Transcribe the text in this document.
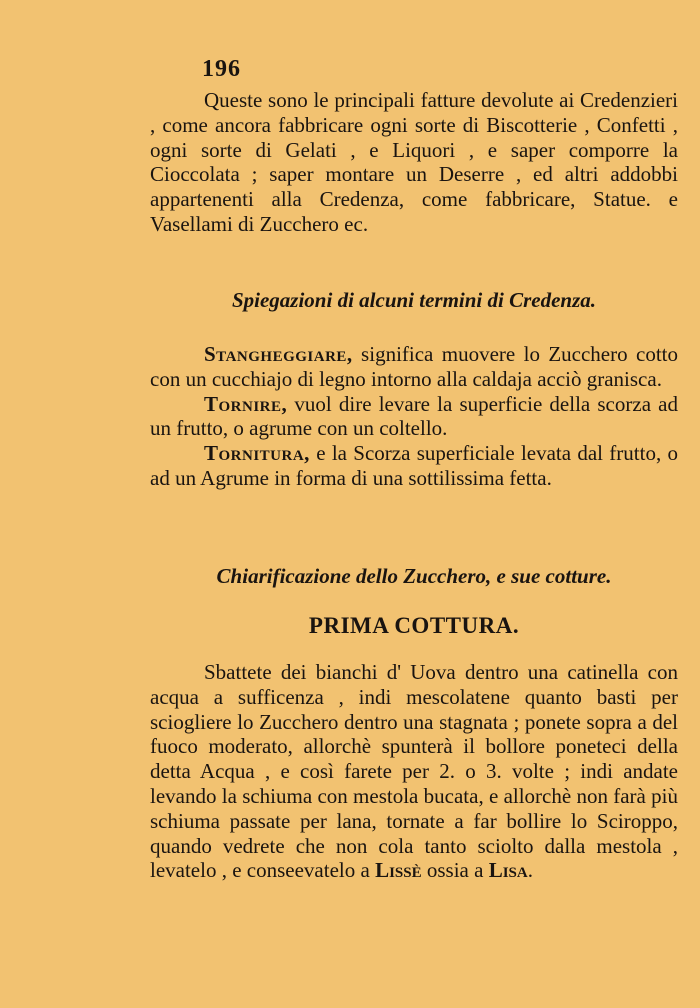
196

Queste sono le principali fatture devolute ai Credenzieri , come ancora fabbricare ogni sorte di Biscotterie , Confetti , ogni sorte di Gelati , e Liquori , e saper comporre la Cioccolata ; saper montare un Deserre , ed altri addobbi appartenenti alla Credenza, come fabbricare, Statue. e Vasellami di Zucchero ec.

Spiegazioni di alcuni termini di Credenza.

Stangheggiare, significa muovere lo Zucchero cotto con un cucchiajo di legno intorno alla caldaja acciò granisca.

Tornire, vuol dire levare la superficie della scorza ad un frutto, o agrume con un coltello.

Tornitura, e la Scorza superficiale levata dal frutto, o ad un Agrume in forma di una sottilissima fetta.

Chiarificazione dello Zucchero, e sue cotture.
PRIMA COTTURA.

Sbattete dei bianchi d' Uova dentro una catinella con acqua a sufficenza , indi mescolatene quanto basti per sciogliere lo Zucchero dentro una stagnata ; ponete sopra a del fuoco moderato, allorchè spunterà il bollore poneteci della detta Acqua , e così farete per 2. o 3. volte ; indi andate levando la schiuma con mestola bucata, e allorchè non farà più schiuma passate per lana, tornate a far bollire lo Sciroppo, quando vedrete che non cola tanto sciolto dalla mestola , levatelo , e conseevatelo a Lissè ossia a Lisa.
